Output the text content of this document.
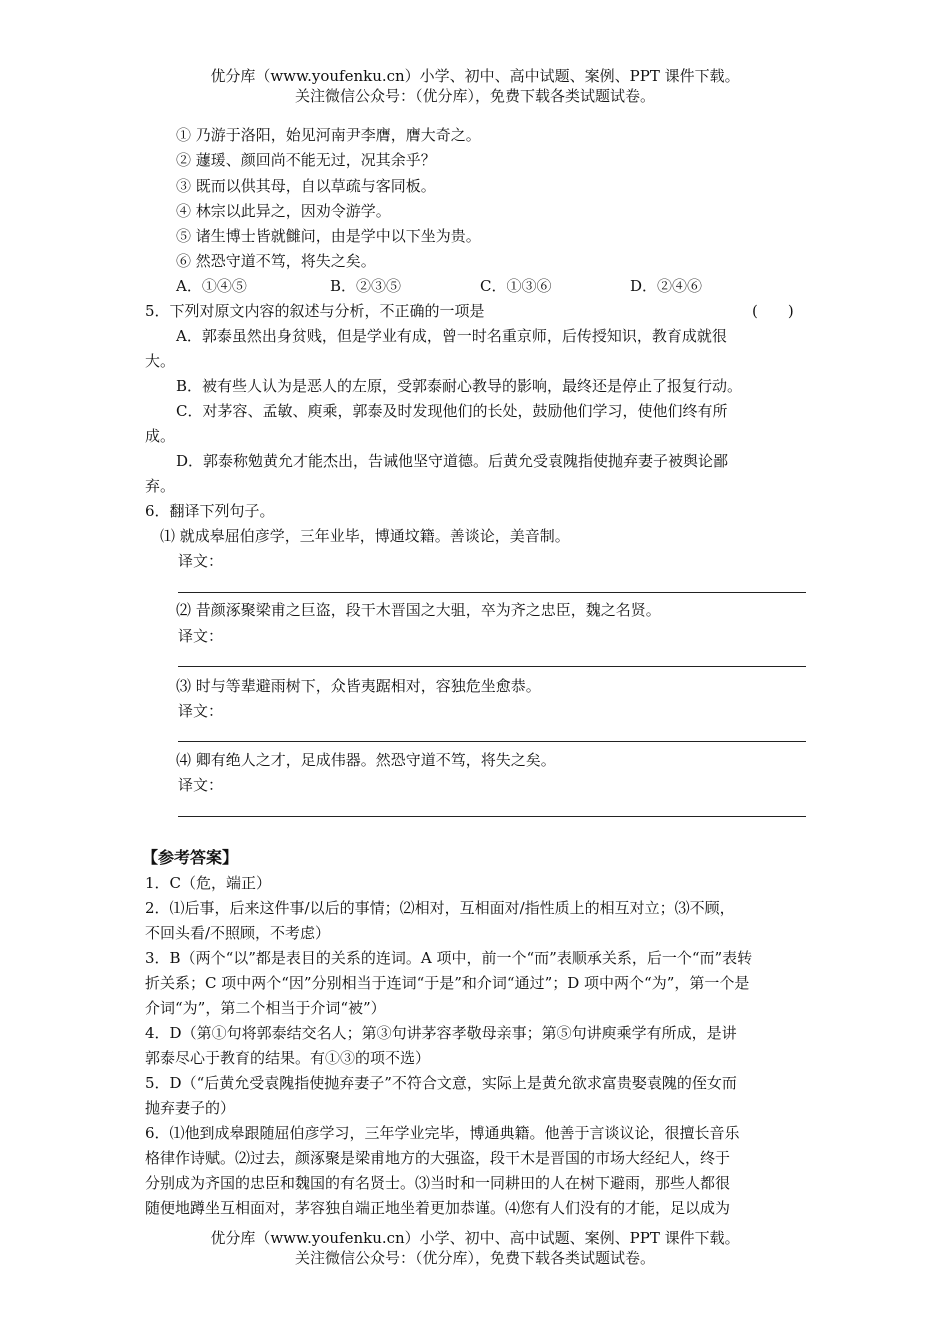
优分库（www.youfenku.cn）小学、初中、高中试题、案例、PPT 课件下载。
关注微信公众号：（优分库），免费下载各类试题试卷。
① 乃游于洛阳，始见河南尹李膺，膺大奇之。
② 蘧瑗、颜回尚不能无过，况其余乎？
③ 既而以供其母，自以草疏与客同板。
④ 林宗以此异之，因劝令游学。
⑤ 诸生博士皆就雠问，由是学中以下坐为贵。
⑥ 然恐守道不笃，将失之矣。
A．①④⑤	B．②③⑤	C．①③⑥	D．②④⑥
5．下列对原文内容的叙述与分析，不正确的一项是	(　　)
A．郭泰虽然出身贫贱，但是学业有成，曾一时名重京师，后传授知识，教育成就很
大。
B．被有些人认为是恶人的左原，受郭泰耐心教导的影响，最终还是停止了报复行动。
C．对茅容、孟敏、庾乘，郭泰及时发现他们的长处，鼓励他们学习，使他们终有所
成。
D．郭泰称勉黄允才能杰出，告诫他坚守道德。后黄允受袁隗指使抛弃妻子被舆论鄙
弃。
6．翻译下列句子。
⑴ 就成皋屈伯彦学，三年业毕，博通坟籍。善谈论，美音制。
译文：
⑵ 昔颜涿聚梁甫之巨盗，段干木晋国之大驵，卒为齐之忠臣，魏之名贤。
译文：
⑶ 时与等辈避雨树下，众皆夷踞相对，容独危坐愈恭。
译文：
⑷ 卿有绝人之才，足成伟器。然恐守道不笃，将失之矣。
译文：
【参考答案】
1．C（危，端正）
2．⑴后事，后来这件事/以后的事情；⑵相对，互相面对/指性质上的相互对立；⑶不顾，
不回头看/不照顾，不考虑）
3．B（两个“以”都是表目的关系的连词。A 项中，前一个“而”表顺承关系，后一个“而”表转
折关系；C 项中两个“因”分别相当于连词“于是”和介词“通过”；D 项中两个“为”，第一个是
介词“为”，第二个相当于介词“被”）
4．D（第①句将郭泰结交名人；第③句讲茅容孝敬母亲事；第⑤句讲庾乘学有所成，是讲
郭泰尽心于教育的结果。有①③的项不选）
5．D（“后黄允受袁隗指使抛弃妻子”不符合文意，实际上是黄允欲求富贵娶袁隗的侄女而
抛弃妻子的）
6．⑴他到成皋跟随屈伯彦学习，三年学业完毕，博通典籍。他善于言谈议论，很擅长音乐
格律作诗赋。⑵过去，颜涿聚是梁甫地方的大强盗，段干木是晋国的市场大经纪人，终于
分别成为齐国的忠臣和魏国的有名贤士。⑶当时和一同耕田的人在树下避雨，那些人都很
随便地蹲坐互相面对，茅容独自端正地坐着更加恭谨。⑷您有人们没有的才能，足以成为
优分库（www.youfenku.cn）小学、初中、高中试题、案例、PPT 课件下载。
关注微信公众号：（优分库），免费下载各类试题试卷。
